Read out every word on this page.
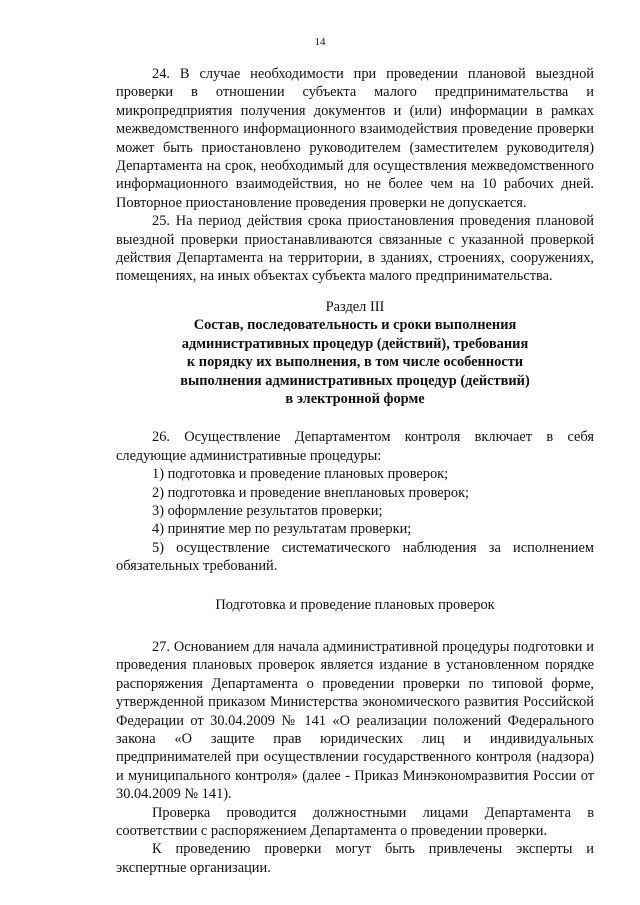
14

24. В случае необходимости при проведении плановой выездной проверки в отношении субъекта малого предпринимательства и микропредприятия получения документов и (или) информации в рамках межведомственного информационного взаимодействия проведение проверки может быть приостановлено руководителем (заместителем руководителя) Департамента на срок, необходимый для осуществления межведомственного информационного взаимодействия, но не более чем на 10 рабочих дней. Повторное приостановление проведения проверки не допускается.

25. На период действия срока приостановления проведения плановой выездной проверки приостанавливаются связанные с указанной проверкой действия Департамента на территории, в зданиях, строениях, сооружениях, помещениях, на иных объектах субъекта малого предпринимательства.

Раздел III

Состав, последовательность и сроки выполнения

административных процедур (действий), требования

к порядку их выполнения, в том числе особенности

выполнения административных процедур (действий)

в электронной форме

26. Осуществление Департаментом контроля включает в себя следующие административные процедуры:

1) подготовка и проведение плановых проверок;

2) подготовка и проведение внеплановых проверок;

3) оформление результатов проверки;

4) принятие мер по результатам проверки;

5) осуществление систематического наблюдения за исполнением обязательных требований.

Подготовка и проведение плановых проверок

27. Основанием для начала административной процедуры подготовки и проведения плановых проверок является издание в установленном порядке распоряжения Департамента о проведении проверки по типовой форме, утвержденной приказом Министерства экономического развития Российской Федерации от 30.04.2009 № 141 «О реализации положений Федерального закона «О защите прав юридических лиц и индивидуальных предпринимателей при осуществлении государственного контроля (надзора) и муниципального контроля» (далее - Приказ Минэкономразвития России от 30.04.2009 № 141).

Проверка проводится должностными лицами Департамента в соответствии с распоряжением Департамента о проведении проверки.

К проведению проверки могут быть привлечены эксперты и экспертные организации.
